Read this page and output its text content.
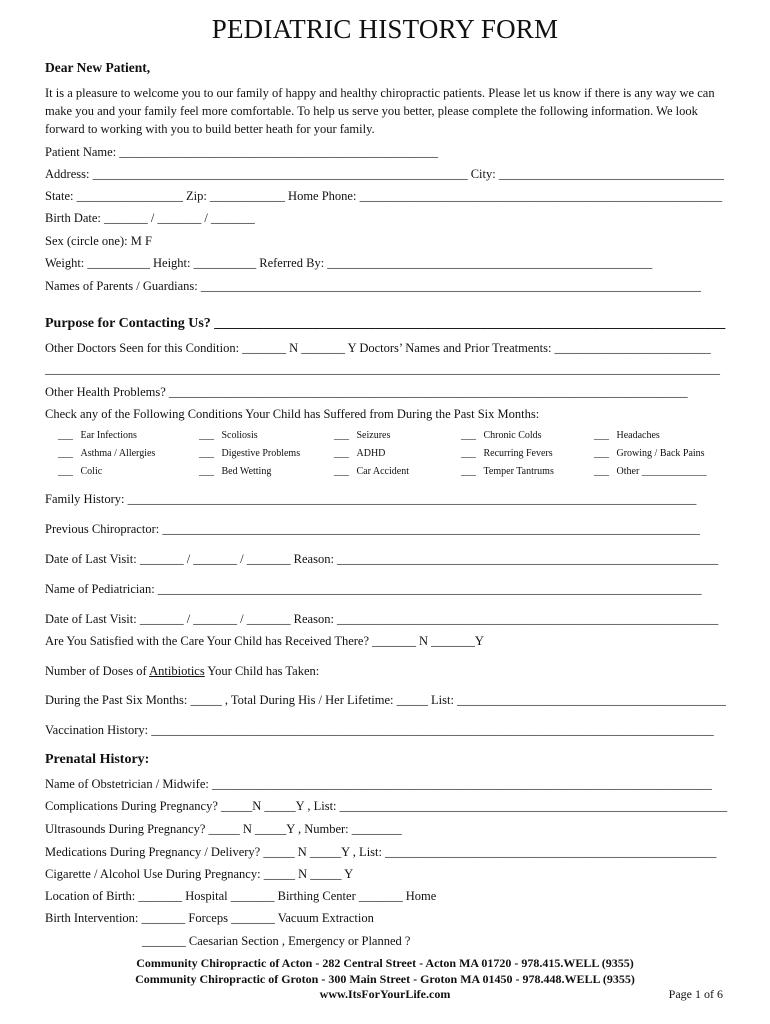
PEDIATRIC HISTORY FORM
Dear New Patient,

It is a pleasure to welcome you to our family of happy and healthy chiropractic patients. Please let us know if there is any way we can

make you and your family feel more comfortable. To help us serve you better, please complete the following information. We look

forward to working with you to build better heath for your family.

Patient Name: ___________________________________________________
Address: ____________________________________________________________ City: ____________________________________
State: _________________ Zip: ____________ Home Phone: __________________________________________________________
Birth Date: _______ / _______ / _______
Sex (circle one): M F
Weight: __________ Height: __________ Referred By: ____________________________________________________
Names of Parents / Guardians: ________________________________________________________________________________
Purpose for Contacting Us? _________________________________________________________________________
Other Doctors Seen for this Condition: _______ N _______ Y Doctors’ Names and Prior Treatments: _________________________
____________________________________________________________________________________________________________
Other Health Problems? ___________________________________________________________________________________
Check any of the Following Conditions Your Child has Suffered from During the Past Six Months:
___   Ear Infections	___   Scoliosis	___   Seizures	___   Chronic Colds	___   Headaches
___   Asthma / Allergies	___   Digestive Problems	___   ADHD	___   Recurring Fevers	___   Growing / Back Pains
___   Colic	___   Bed Wetting	___   Car Accident	___   Temper Tantrums	___   Other _____________
Family History: ___________________________________________________________________________________________
Previous Chiropractor: ______________________________________________________________________________________
Date of Last Visit: _______ / _______ / _______ Reason: _____________________________________________________________
Name of Pediatrician: _______________________________________________________________________________________
Date of Last Visit: _______ / _______ / _______ Reason: _____________________________________________________________
Are You Satisfied with the Care Your Child has Received There? _______ N _______Y
Number of Doses of Antibiotics Your Child has Taken:
During the Past Six Months: _____ , Total During His / Her Lifetime: _____ List: ___________________________________________
Vaccination History: __________________________________________________________________________________________
Prenatal History:
Name of Obstetrician / Midwife: ________________________________________________________________________________
Complications During Pregnancy? _____N _____Y , List: ______________________________________________________________
Ultrasounds During Pregnancy? _____ N _____Y , Number: ________
Medications During Pregnancy / Delivery? _____ N _____Y , List: _____________________________________________________
Cigarette / Alcohol Use During Pregnancy: _____ N _____ Y
Location of Birth: _______ Hospital _______ Birthing Center _______ Home
Birth Intervention: _______ Forceps _______ Vacuum Extraction
_______ Caesarian Section , Emergency or Planned ?
Community Chiropractic of Acton - 282 Central Street - Acton MA 01720 - 978.415.WELL (9355)
Community Chiropractic of Groton - 300 Main Street - Groton MA 01450 - 978.448.WELL (9355)
www.ItsForYourLife.com	Page 1 of 6
